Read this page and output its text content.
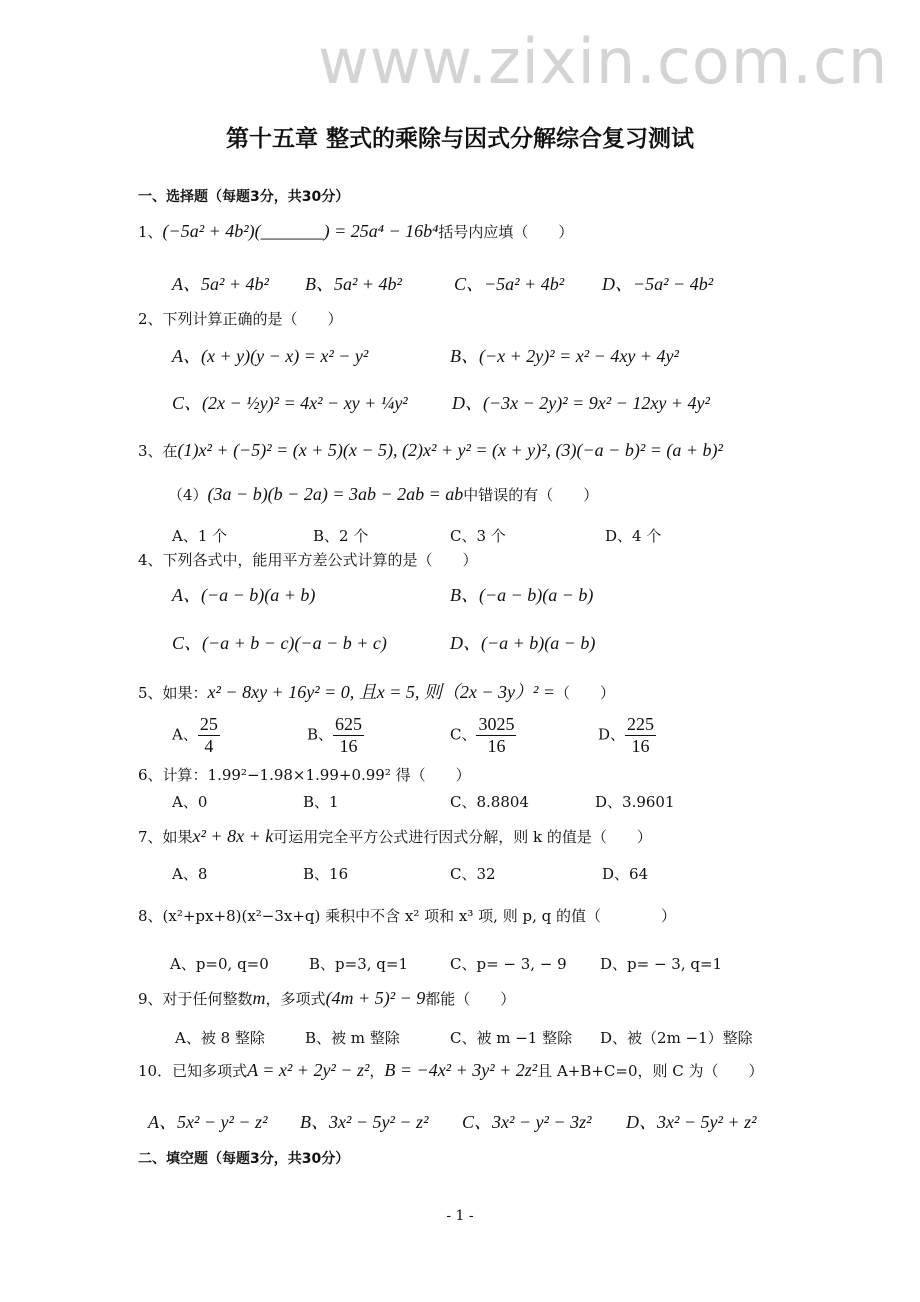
www.zixin.com.cn
第十五章 整式的乘除与因式分解综合复习测试
一、选择题（每题3分，共30分）
1、(−5a² + 4b²)(_______) = 25a⁴ − 16b⁴括号内应填（　　）
A、5a² + 4b² B、5a² + 4b²	C、−5a² + 4b² D、−5a² − 4b²
2、下列计算正确的是（　　）
A、(x + y)(y − x) = x² − y²	B、(−x + 2y)² = x² − 4xy + 4y²
C、(2x − ½y)² = 4x² − xy + ¼y² D、(−3x − 2y)² = 9x² − 12xy + 4y²
3、在(1)x² + (−5)² = (x + 5)(x − 5), (2)x² + y² = (x + y)², (3)(−a − b)² = (a + b)²
（4）(3a − b)(b − 2a) = 3ab − 2ab = ab中错误的有（　　）
A、1 个	B、2 个	C、3 个	D、4 个
4、下列各式中，能用平方差公式计算的是（　　）
A、(−a − b)(a + b)	B、(−a − b)(a − b)
C、(−a + b − c)(−a − b + c)	D、(−a + b)(a − b)
5、如果：x² − 8xy + 16y² = 0, 且x = 5, 则（2x − 3y）² =（　　）
A、 $\frac{25}{4}$	B、 $\frac{625}{16}$	C、 $\frac{3025}{16}$	D、 $\frac{225}{16}$
6、计算：1.99²−1.98×1.99+0.99² 得（　　）
A、0	B、1	C、8.8804	D、3.9601
7、如果x² + 8x + k可运用完全平方公式进行因式分解，则 k 的值是（　　）
A、8	B、16	C、32	D、64
8、(x²+px+8)(x²−3x+q) 乘积中不含 x² 项和 x³ 项, 则 p, q 的值（　　　　）
A、p=0, q=0	B、p=3, q=1	C、p= − 3, − 9 D、p= − 3, q=1
9、对于任何整数m，多项式(4m + 5)² − 9都能（　　）
A、被 8 整除	B、被 m 整除	C、被 m −1 整除 D、被（2m −1）整除
10．已知多项式A = x² + 2y² − z²，B = −4x² + 3y² + 2z²且 A+B+C=0，则 C 为（　　）
A、5x² − y² − z² B、3x² − 5y² − z² C、3x² − y² − 3z² D、3x² − 5y² + z²
二、填空题（每题3分，共30分）
- 1 -
